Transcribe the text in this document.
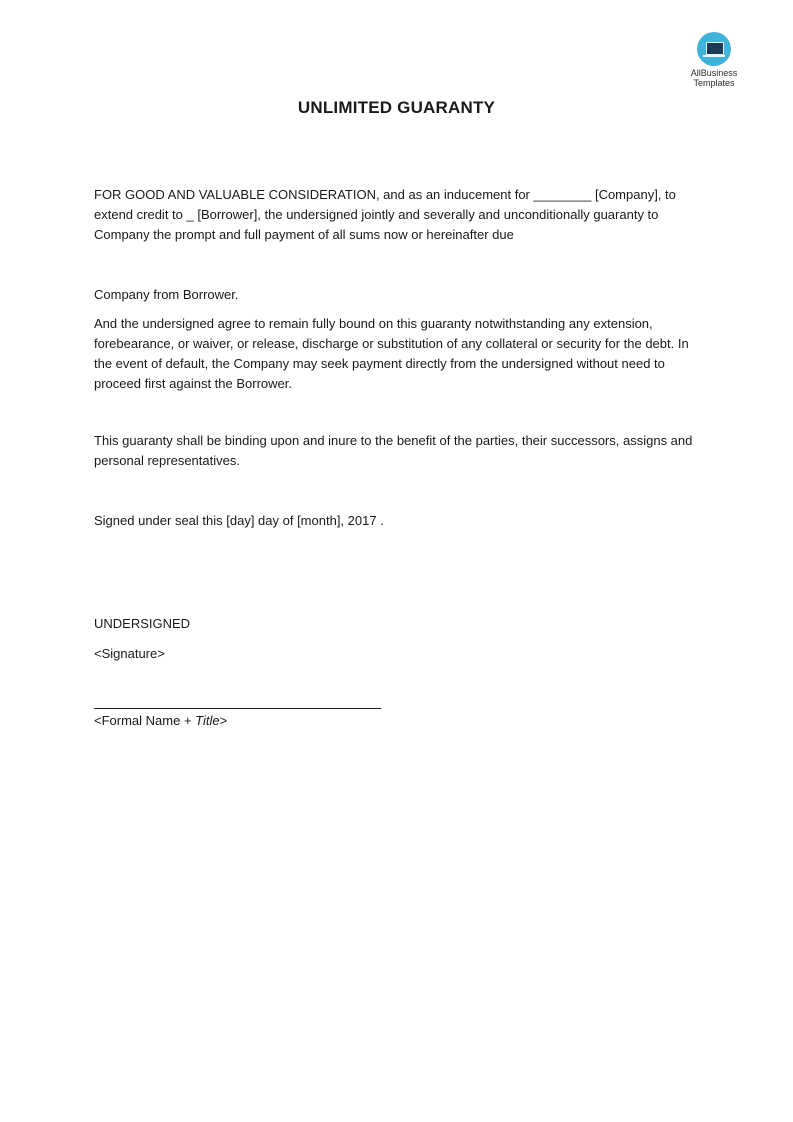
AllBusiness
Templates
UNLIMITED GUARANTY

FOR GOOD AND VALUABLE CONSIDERATION, and as an inducement for ________ [Company], to extend credit to _ [Borrower], the undersigned jointly and severally and unconditionally guaranty to Company the prompt and full payment of all sums now or hereinafter due

Company from Borrower.

And the undersigned agree to remain fully bound on this guaranty notwithstanding any extension, forebearance, or waiver, or release, discharge or substitution of any collateral or security for the debt. In the event of default, the Company may seek payment directly from the undersigned without need to proceed first against the Borrower.

This guaranty shall be binding upon and inure to the benefit of the parties, their successors, assigns and personal representatives.

Signed under seal this [day] day of [month], 2017 .

UNDERSIGNED

<Signature>

<Formal Name + Title>
